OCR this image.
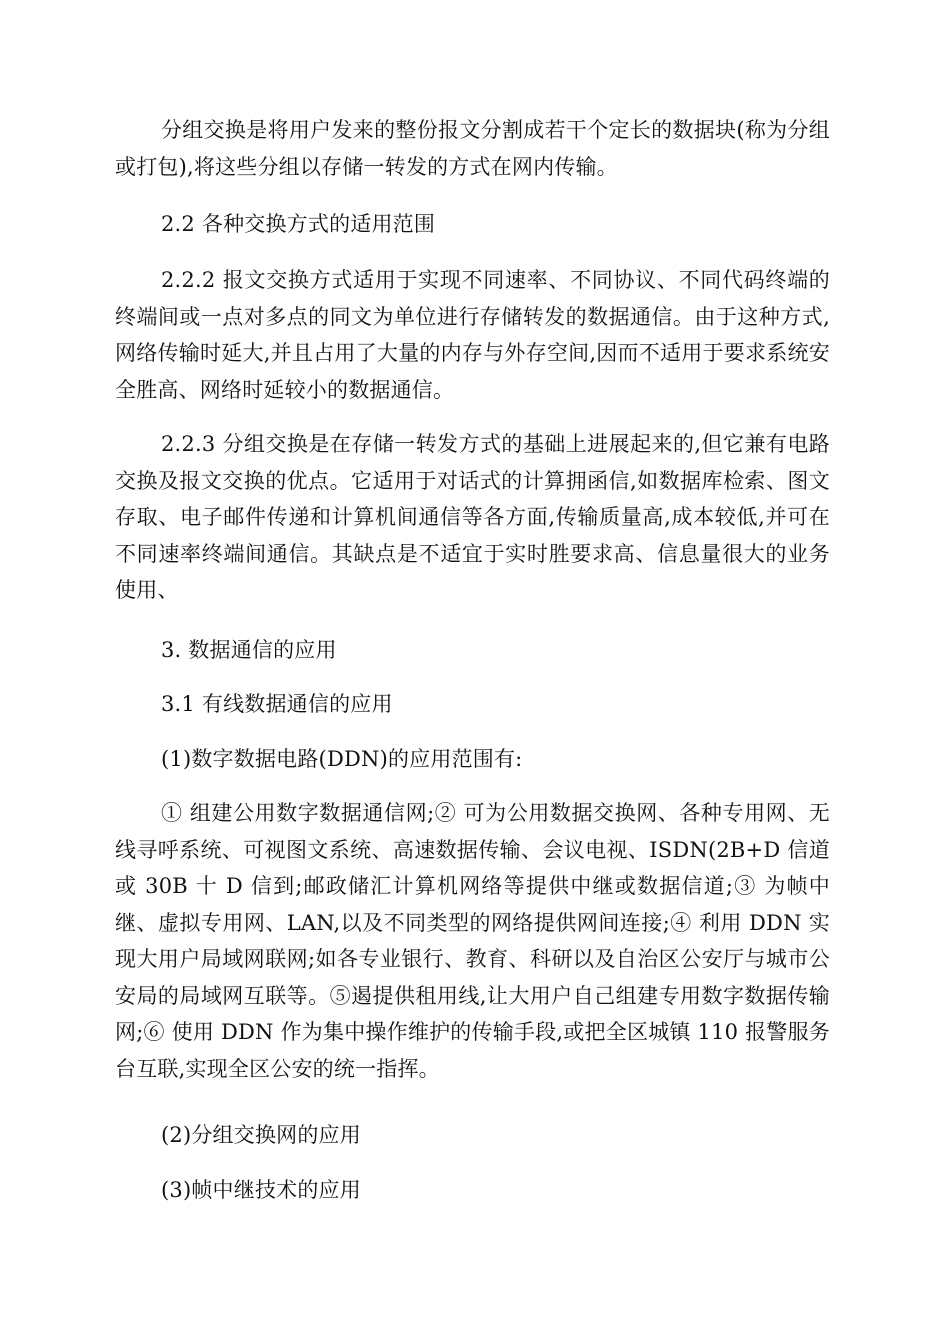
分组交换是将用户发来的整份报文分割成若干个定长的数据块(称为分组或打包),将这些分组以存储一转发的方式在网内传输。

2.2 各种交换方式的适用范围

2.2.2 报文交换方式适用于实现不同速率、不同协议、不同代码终端的终端间或一点对多点的同文为单位进行存储转发的数据通信。由于这种方式,网络传输时延大,并且占用了大量的内存与外存空间,因而不适用于要求系统安全胜高、网络时延较小的数据通信。

2.2.3 分组交换是在存储一转发方式的基础上进展起来的,但它兼有电路交换及报文交换的优点。它适用于对话式的计算拥函信,如数据库检索、图文存取、电子邮件传递和计算机间通信等各方面,传输质量高,成本较低,并可在不同速率终端间通信。其缺点是不适宜于实时胜要求高、信息量很大的业务使用、

3. 数据通信的应用

3.1 有线数据通信的应用

(1)数字数据电路(DDN)的应用范围有:

① 组建公用数字数据通信网;② 可为公用数据交换网、各种专用网、无线寻呼系统、可视图文系统、高速数据传输、会议电视、ISDN(2B+D 信道或 30B 十 D 信到;邮政储汇计算机网络等提供中继或数据信道;③ 为帧中继、虚拟专用网、LAN,以及不同类型的网络提供网间连接;④ 利用 DDN 实现大用户局域网联网;如各专业银行、教育、科研以及自治区公安厅与城市公安局的局域网互联等。⑤遏提供租用线,让大用户自己组建专用数字数据传输网;⑥ 使用 DDN 作为集中操作维护的传输手段,或把全区城镇 110 报警服务台互联,实现全区公安的统一指挥。

(2)分组交换网的应用

(3)帧中继技术的应用
